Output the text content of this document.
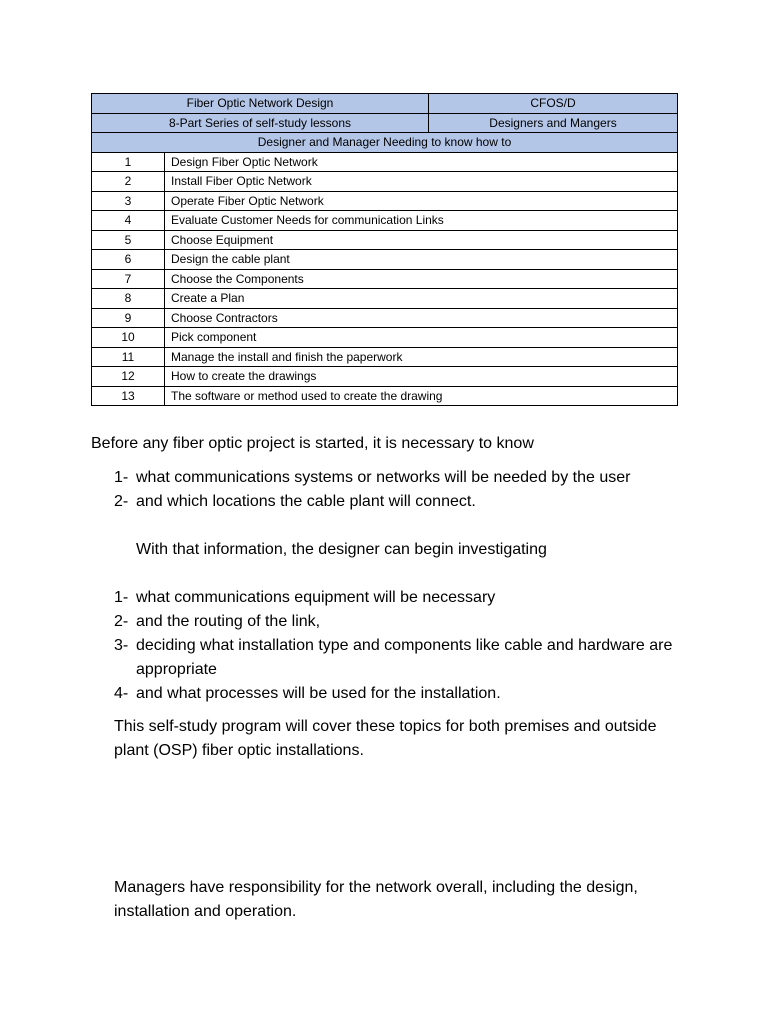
Fiber Optic Network Design		CFOS/D
8-Part Series of self-study lessons		Designers and Mangers
Designer and Manager Needing to know how to		
1	Design Fiber Optic Network	
2	Install Fiber Optic Network	
3	Operate Fiber Optic Network	
4	Evaluate Customer Needs for communication Links	
5	Choose Equipment	
6	Design the cable plant	
7	Choose the Components	
8	Create a Plan	
9	Choose Contractors	
10	Pick component	
11	Manage the install and finish the paperwork	
12	How to create the drawings	
13	The software or method used to create the drawing	
Before any fiber optic project is started, it is necessary to know
1- what communications systems or networks will be needed by the user
2- and which locations the cable plant will connect.
With that information, the designer can begin investigating
1- what communications equipment will be necessary
2- and the routing of the link,
3- deciding what installation type and components like cable and hardware are appropriate
4- and what processes will be used for the installation.
This self-study program will cover these topics for both premises and outside plant (OSP) fiber optic installations.
Managers have responsibility for the network overall, including the design, installation and operation.
